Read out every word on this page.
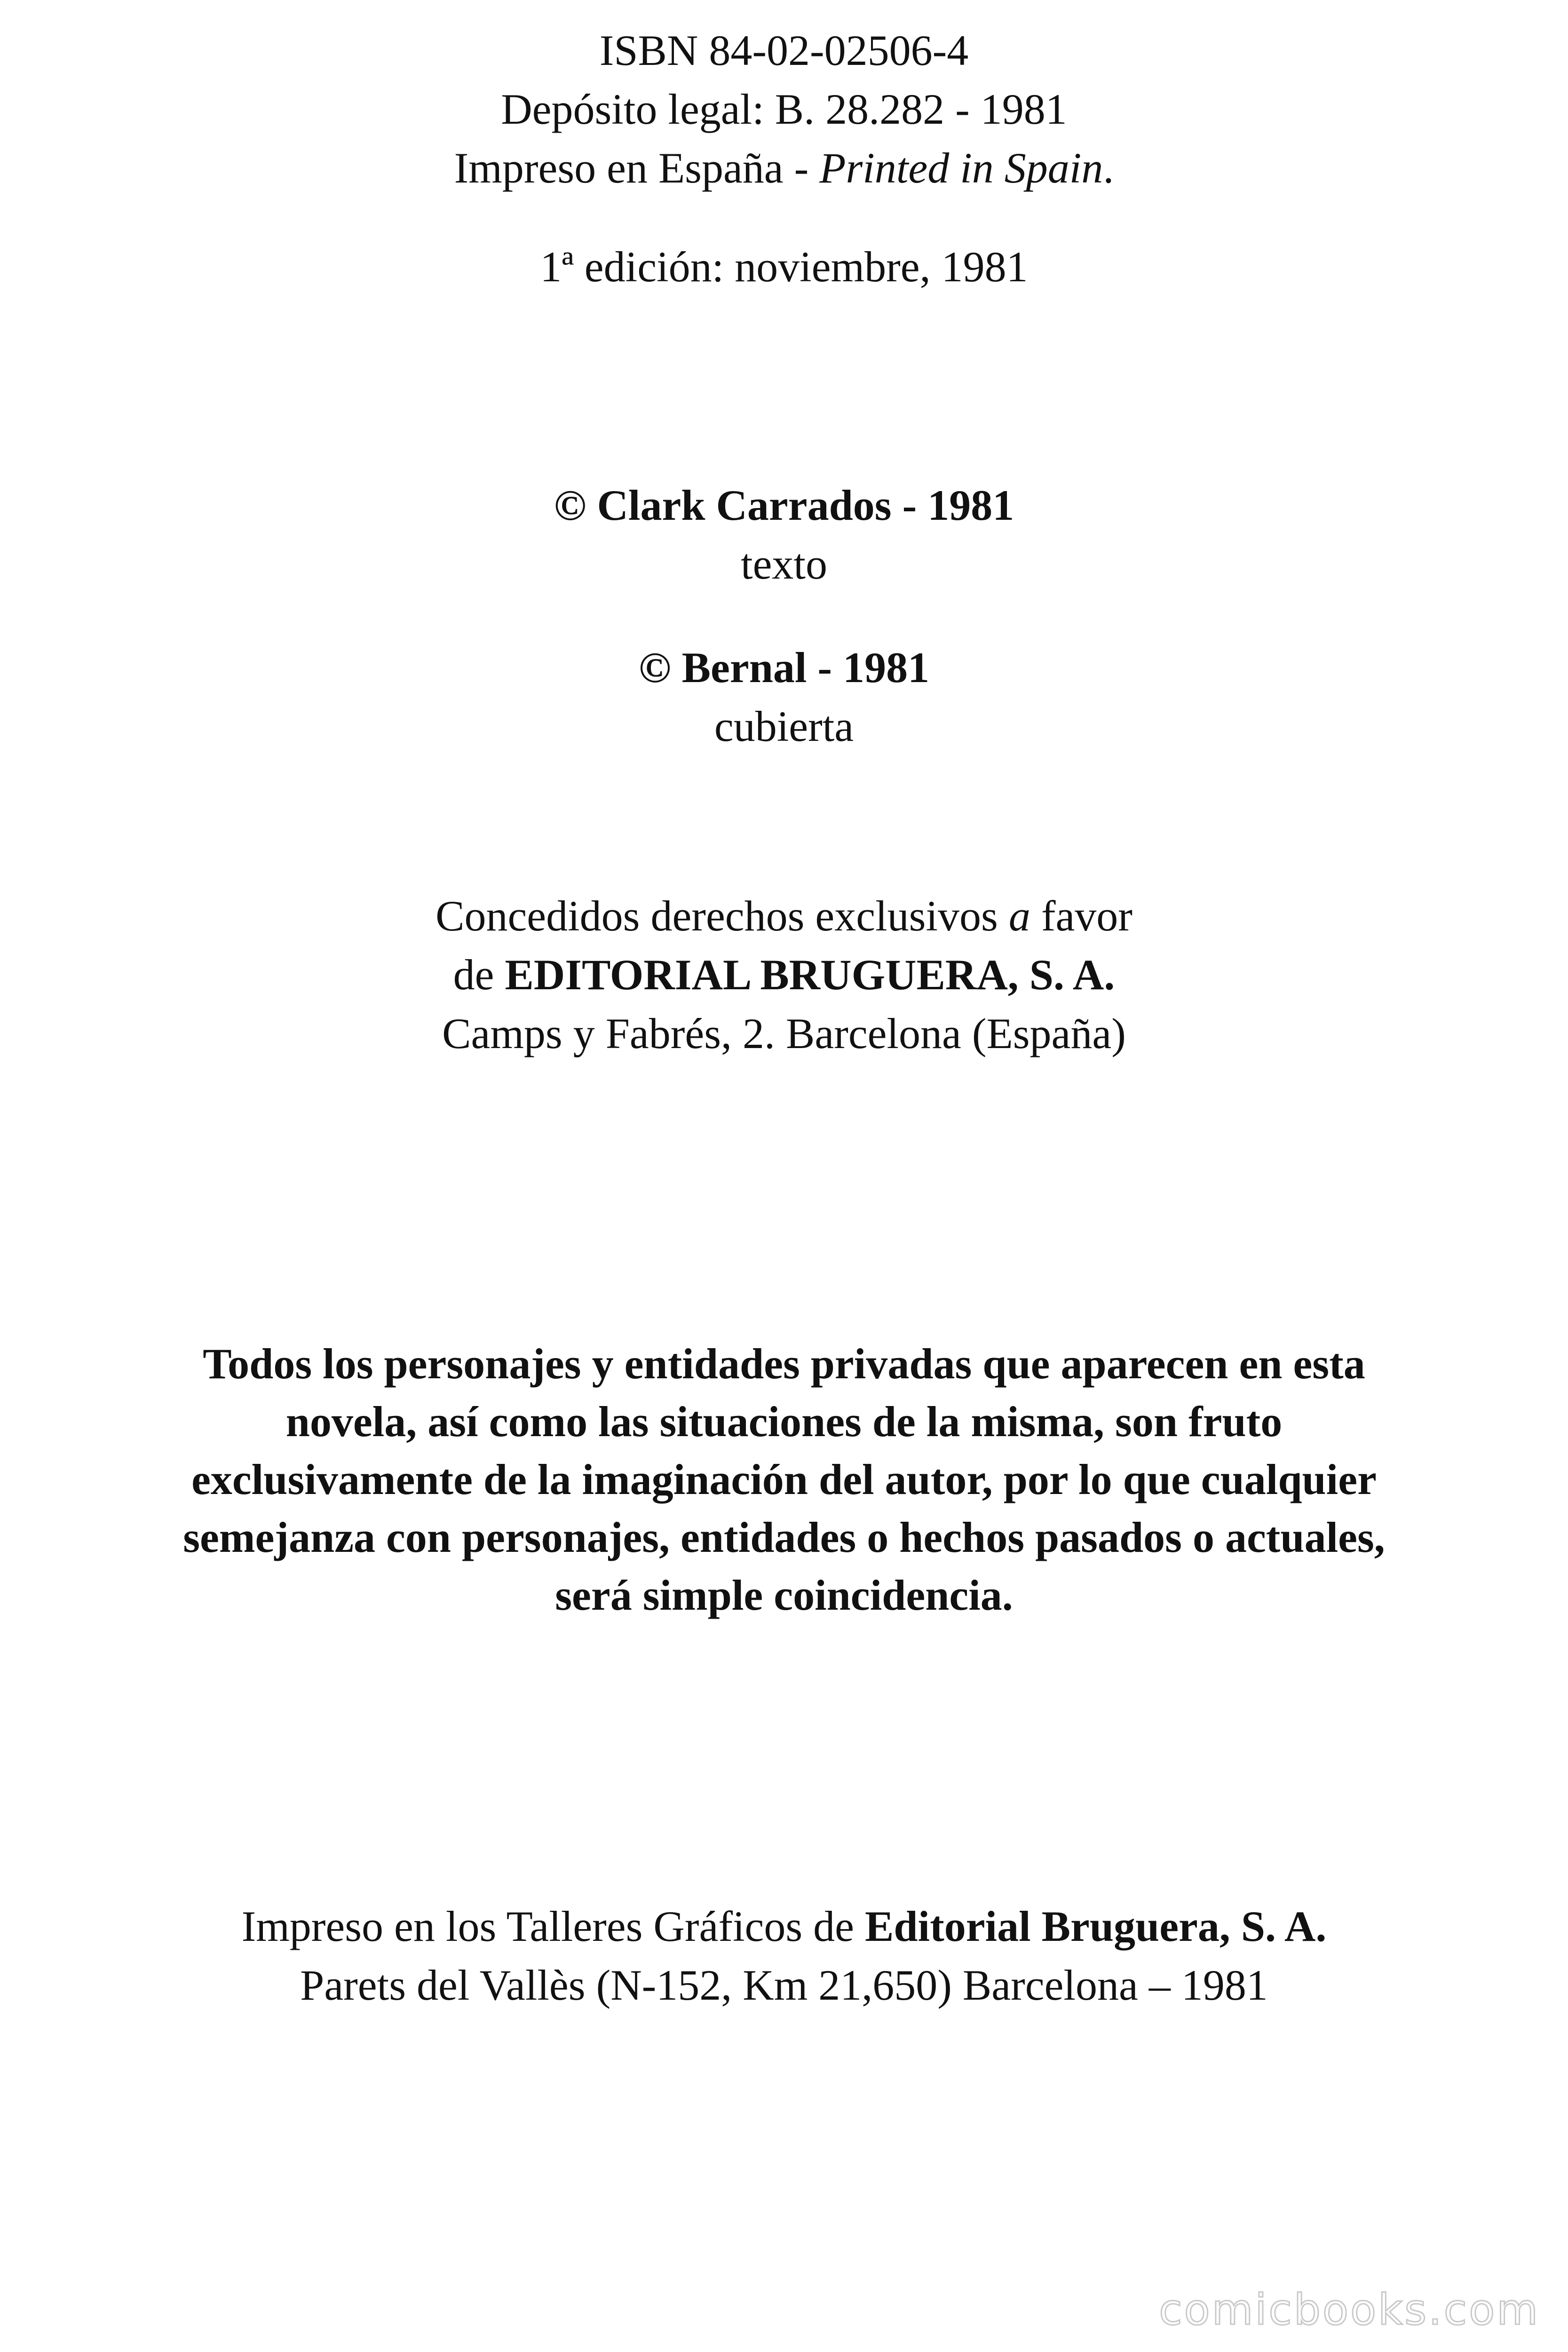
ISBN 84-02-02506-4
Depósito legal: B. 28.282 - 1981
Impreso en España - Printed in Spain.
1ª edición: noviembre, 1981
© Clark Carrados - 1981
texto
© Bernal - 1981
cubierta
Concedidos derechos exclusivos a favor
de EDITORIAL BRUGUERA, S. A.
Camps y Fabrés, 2. Barcelona (España)
Todos los personajes y entidades privadas que aparecen en esta
novela, así como las situaciones de la misma, son fruto
exclusivamente de la imaginación del autor, por lo que cualquier
semejanza con personajes, entidades o hechos pasados o actuales,
será simple coincidencia.
Impreso en los Talleres Gráficos de Editorial Bruguera, S. A.
Parets del Vallès (N-152, Km 21,650) Barcelona – 1981
comicbooks.com
